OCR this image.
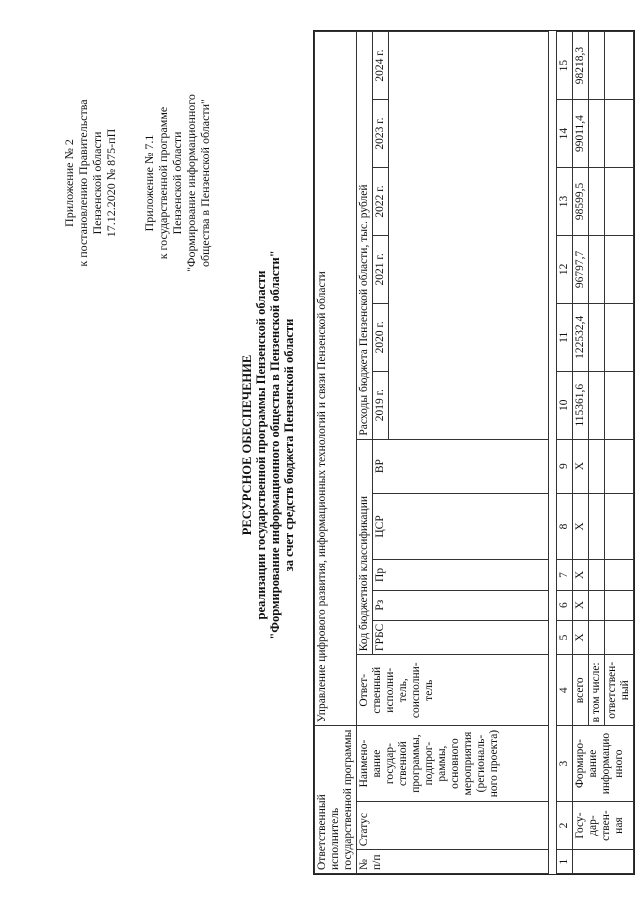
Приложение № 2 к постановлению Правительства Пензенской области 17.12.2020 № 875-пП Приложение № 7.1 к государственной программе Пензенской области "Формирование информационного общества в Пензенской области"
РЕСУРСНОЕ ОБЕСПЕЧЕНИЕ реализации государственной программы Пензенской области "Формирование информационного общества в Пензенской области" за счет средств бюджета Пензенской области
Ответственный исполнитель государственной программы			Управление цифрового развития, информационных технологий и связи Пензенской области											
№ п/п	Статус	Наимено-вание государ-ственной программы, подпрог-раммы, основного мероприятия (региональ-ного проекта)	Ответ-ственный исполни-тель, соисполни-тель	Код бюджетной классификации					Расходы бюджета Пензенской области, тыс. рублей					
				ГРБС	Рз	Пр	ЦСР	ВР	2019 г.	2020 г.	2021 г.	2022 г.	2023 г.	2024 г.

1	2	3	4	5	6	7	8	9	10	11	12	13	14	15
	Госу-дар-ствен-ная	Формиро-вание информацио нного	всего	Х	Х	Х	Х	Х	115361,6	122532,4	96797,7	98599,5	99011,4	98218,3
			в том числе:											
			ответствен-ный											
